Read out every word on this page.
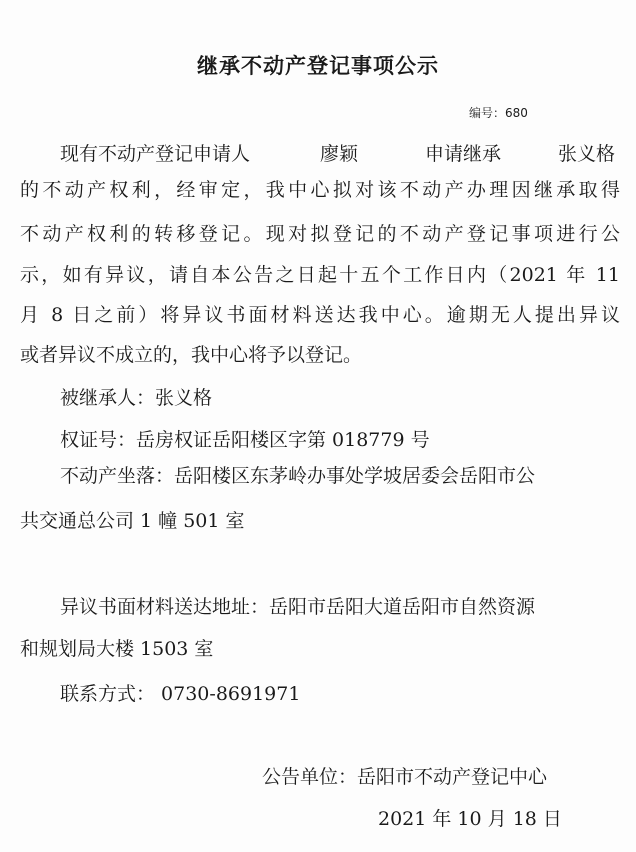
继承不动产登记事项公示
编号：680
现有不动产登记申请人	廖颖	申请继承	张义格
的不动产权利，经审定，我中心拟对该不动产办理因继承取得
不动产权利的转移登记。现对拟登记的不动产登记事项进行公
示，如有异议，请自本公告之日起十五个工作日内（2021 年 11
月 8 日之前）将异议书面材料送达我中心。逾期无人提出异议
或者异议不成立的，我中心将予以登记。
被继承人：张义格
权证号：岳房权证岳阳楼区字第 018779 号
不动产坐落：岳阳楼区东茅岭办事处学坡居委会岳阳市公
共交通总公司 1 幢 501 室
异议书面材料送达地址：岳阳市岳阳大道岳阳市自然资源
和规划局大楼 1503 室
联系方式： 0730-8691971
公告单位：岳阳市不动产登记中心
2021 年 10 月 18 日
